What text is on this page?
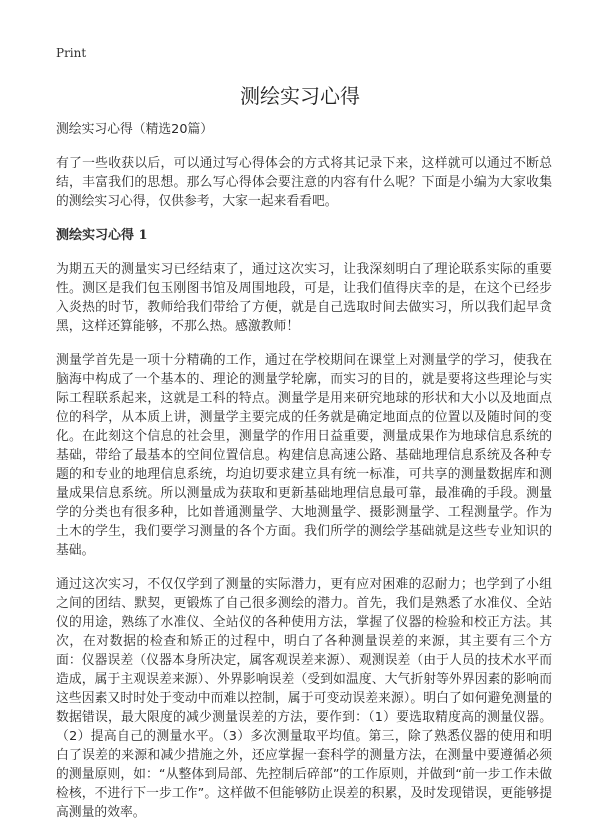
Print
测绘实习心得

测绘实习心得（精选20篇）

有了一些收获以后，可以通过写心得体会的方式将其记录下来，这样就可以通过不断总结，丰富我们的思想。那么写心得体会要注意的内容有什么呢？下面是小编为大家收集的测绘实习心得，仅供参考，大家一起来看看吧。

测绘实习心得 1

为期五天的测量实习已经结束了，通过这次实习，让我深刻明白了理论联系实际的重要性。测区是我们包玉刚图书馆及周围地段，可是，让我们值得庆幸的是，在这个已经步入炎热的时节，教师给我们带给了方便，就是自己选取时间去做实习，所以我们起早贪黑，这样还算能够，不那么热。感激教师！

测量学首先是一项十分精确的工作，通过在学校期间在课堂上对测量学的学习，使我在脑海中构成了一个基本的、理论的测量学轮廓，而实习的目的，就是要将这些理论与实际工程联系起来，这就是工科的特点。测量学是用来研究地球的形状和大小以及地面点位的科学，从本质上讲，测量学主要完成的任务就是确定地面点的位置以及随时间的变化。在此刻这个信息的社会里，测量学的作用日益重要，测量成果作为地球信息系统的基础，带给了最基本的空间位置信息。构建信息高速公路、基础地理信息系统及各种专题的和专业的地理信息系统，均迫切要求建立具有统一标准，可共享的测量数据库和测量成果信息系统。所以测量成为获取和更新基础地理信息最可靠，最准确的手段。测量学的分类也有很多种，比如普通测量学、大地测量学、摄影测量学、工程测量学。作为土木的学生，我们要学习测量的各个方面。我们所学的测绘学基础就是这些专业知识的基础。

通过这次实习，不仅仅学到了测量的实际潜力，更有应对困难的忍耐力；也学到了小组之间的团结、默契，更锻炼了自己很多测绘的潜力。首先，我们是熟悉了水准仪、全站仪的用途，熟练了水准仪、全站仪的各种使用方法，掌握了仪器的检验和校正方法。其次，在对数据的检查和矫正的过程中，明白了各种测量误差的来源，其主要有三个方面：仪器误差（仪器本身所决定，属客观误差来源）、观测误差（由于人员的技术水平而造成，属于主观误差来源）、外界影响误差（受到如温度、大气折射等外界因素的影响而这些因素又时时处于变动中而难以控制，属于可变动误差来源）。明白了如何避免测量的数据错误，最大限度的减少测量误差的方法，要作到：（1）要选取精度高的测量仪器。（2）提高自己的测量水平。（3）多次测量取平均值。第三，除了熟悉仪器的使用和明白了误差的来源和减少措施之外，还应掌握一套科学的测量方法，在测量中要遵循必须的测量原则，如：“从整体到局部、先控制后碎部”的工作原则，并做到“前一步工作未做检核，不进行下一步工作”。这样做不但能够防止误差的积累，及时发现错误，更能够提高测量的效率。
